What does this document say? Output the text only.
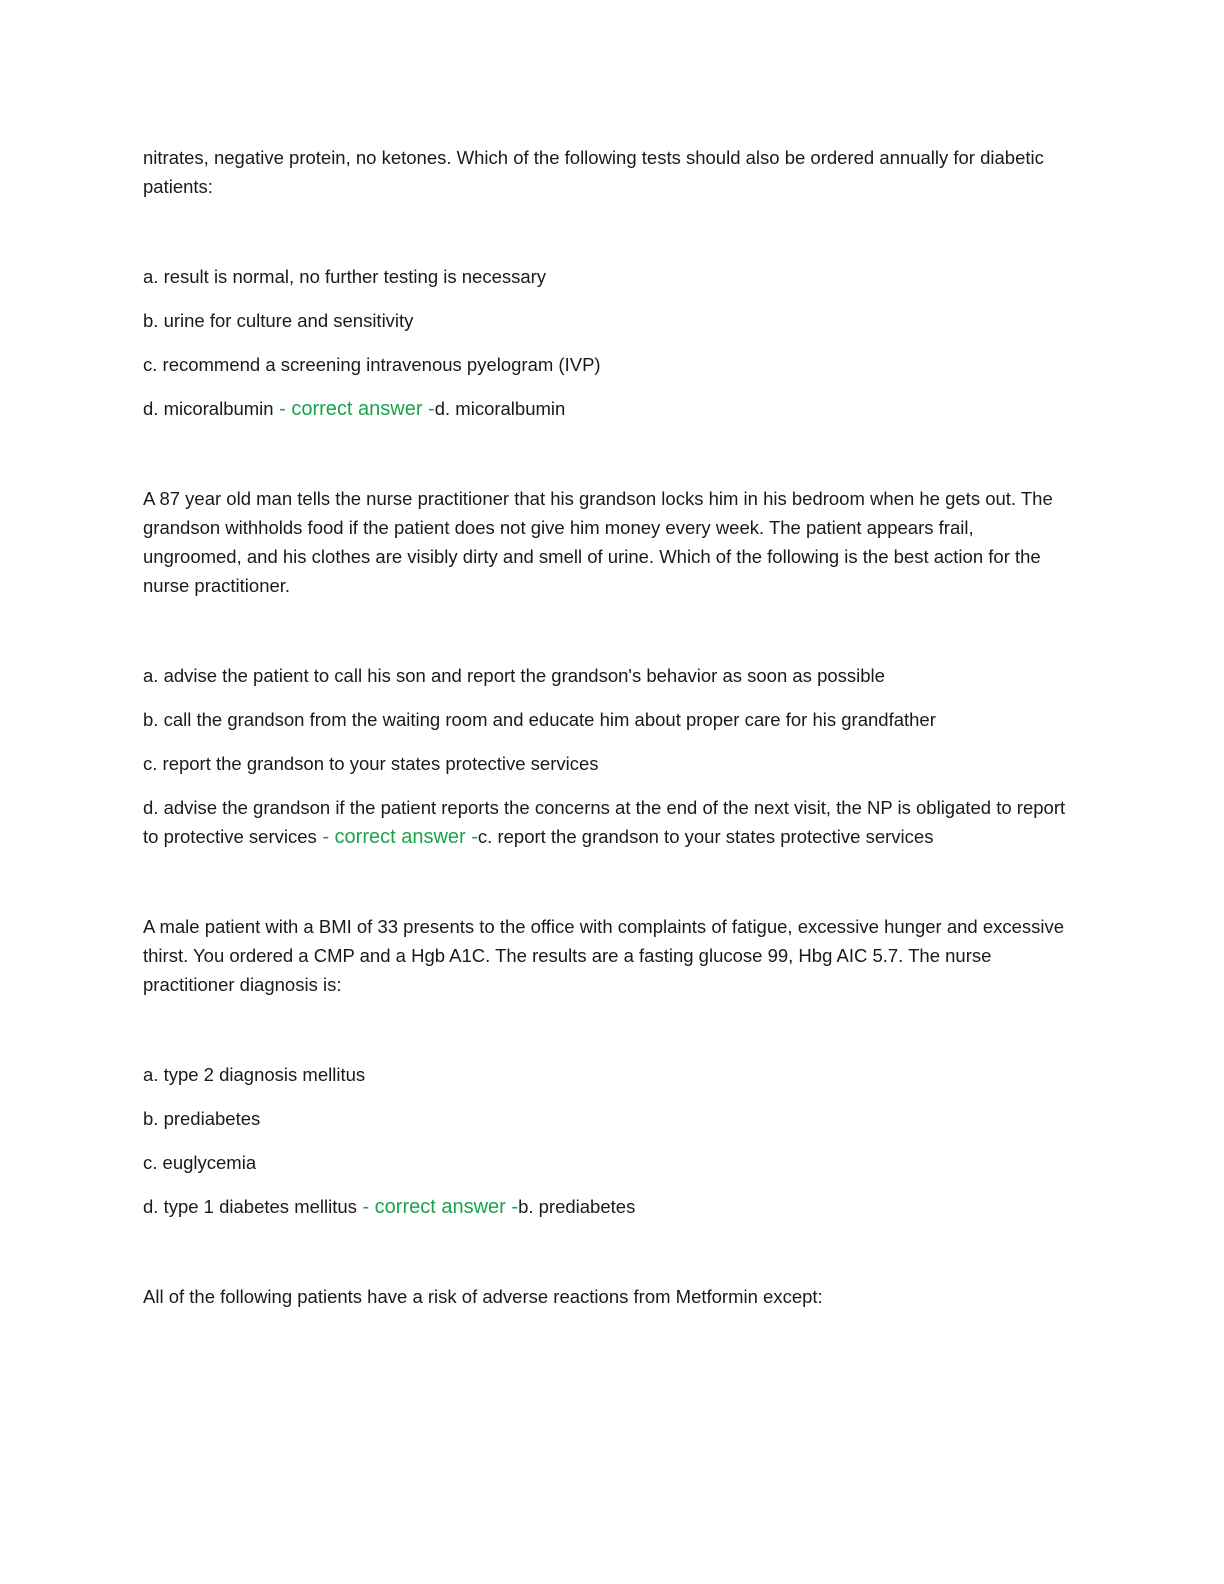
nitrates, negative protein, no ketones. Which of the following tests should also be ordered annually for diabetic patients:

a. result is normal, no further testing is necessary

b. urine for culture and sensitivity

c. recommend a screening intravenous pyelogram (IVP)

d. micoralbumin - correct answer -d. micoralbumin

A 87 year old man tells the nurse practitioner that his grandson locks him in his bedroom when he gets out. The grandson withholds food if the patient does not give him money every week. The patient appears frail, ungroomed, and his clothes are visibly dirty and smell of urine. Which of the following is the best action for the nurse practitioner.

a. advise the patient to call his son and report the grandson's behavior as soon as possible

b. call the grandson from the waiting room and educate him about proper care for his grandfather

c. report the grandson to your states protective services

d. advise the grandson if the patient reports the concerns at the end of the next visit, the NP is obligated to report to protective services - correct answer -c. report the grandson to your states protective services

A male patient with a BMI of 33 presents to the office with complaints of fatigue, excessive hunger and excessive thirst. You ordered a CMP and a Hgb A1C. The results are a fasting glucose 99, Hbg AIC 5.7. The nurse practitioner diagnosis is:

a. type 2 diagnosis mellitus

b. prediabetes

c. euglycemia

d. type 1 diabetes mellitus - correct answer -b. prediabetes

All of the following patients have a risk of adverse reactions from Metformin except:
